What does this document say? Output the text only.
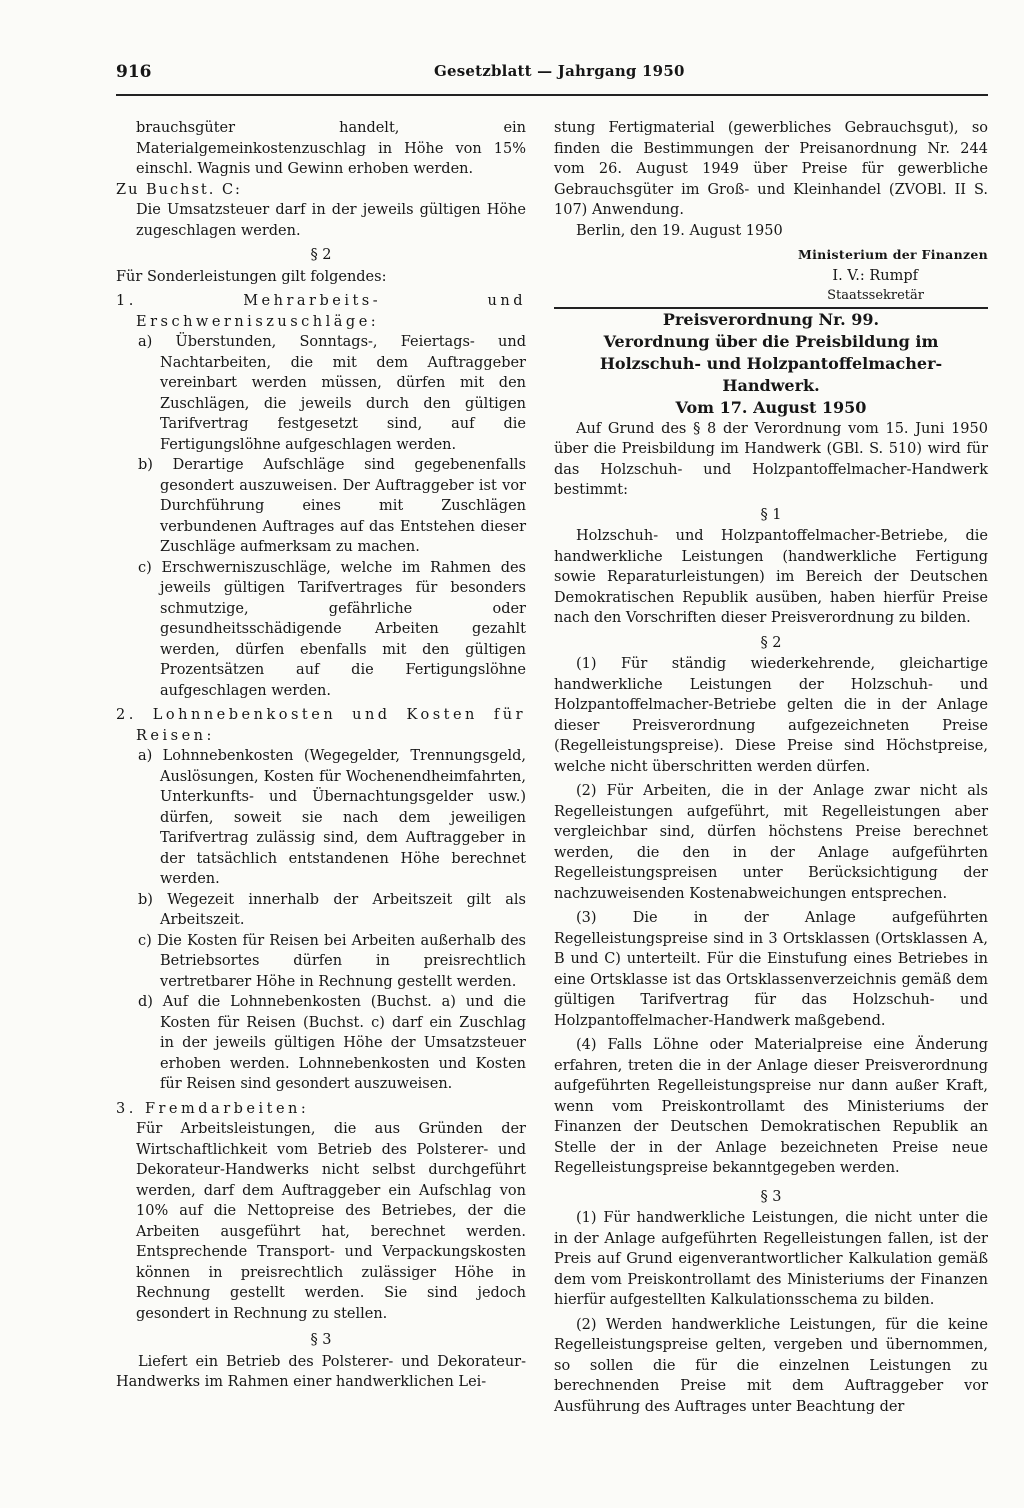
916	Gesetzblatt — Jahrgang 1950

brauchsgüter handelt, ein Materialgemeinkostenzuschlag in Höhe von 15% einschl. Wagnis und Gewinn erhoben werden.

Zu Buchst. C:

Die Umsatzsteuer darf in der jeweils gültigen Höhe zugeschlagen werden.

§ 2

Für Sonderleistungen gilt folgendes:

1. Mehrarbeits- und Erschwerniszuschläge:

a) Überstunden, Sonntags-, Feiertags- und Nachtarbeiten, die mit dem Auftraggeber vereinbart werden müssen, dürfen mit den Zuschlägen, die jeweils durch den gültigen Tarifvertrag festgesetzt sind, auf die Fertigungslöhne aufgeschlagen werden.

b) Derartige Aufschläge sind gegebenenfalls gesondert auszuweisen. Der Auftraggeber ist vor Durchführung eines mit Zuschlägen verbundenen Auftrages auf das Entstehen dieser Zuschläge aufmerksam zu machen.

c) Erschwerniszuschläge, welche im Rahmen des jeweils gültigen Tarifvertrages für besonders schmutzige, gefährliche oder gesundheitsschädigende Arbeiten gezahlt werden, dürfen ebenfalls mit den gültigen Prozentsätzen auf die Fertigungslöhne aufgeschlagen werden.

2. Lohnnebenkosten und Kosten für Reisen:

a) Lohnnebenkosten (Wegegelder, Trennungsgeld, Auslösungen, Kosten für Wochenendheimfahrten, Unterkunfts- und Übernachtungsgelder usw.) dürfen, soweit sie nach dem jeweiligen Tarifvertrag zulässig sind, dem Auftraggeber in der tatsächlich entstandenen Höhe berechnet werden.

b) Wegezeit innerhalb der Arbeitszeit gilt als Arbeitszeit.

c) Die Kosten für Reisen bei Arbeiten außerhalb des Betriebsortes dürfen in preisrechtlich vertretbarer Höhe in Rechnung gestellt werden.

d) Auf die Lohnnebenkosten (Buchst. a) und die Kosten für Reisen (Buchst. c) darf ein Zuschlag in der jeweils gültigen Höhe der Umsatzsteuer erhoben werden. Lohnnebenkosten und Kosten für Reisen sind gesondert auszuweisen.

3. Fremdarbeiten:

Für Arbeitsleistungen, die aus Gründen der Wirtschaftlichkeit vom Betrieb des Polsterer- und Dekorateur-Handwerks nicht selbst durchgeführt werden, darf dem Auftraggeber ein Aufschlag von 10% auf die Nettopreise des Betriebes, der die Arbeiten ausgeführt hat, berechnet werden. Entsprechende Transport- und Verpackungskosten können in preisrechtlich zulässiger Höhe in Rechnung gestellt werden. Sie sind jedoch gesondert in Rechnung zu stellen.

§ 3

Liefert ein Betrieb des Polsterer- und Dekorateur-Handwerks im Rahmen einer handwerklichen Lei-

stung Fertigmaterial (gewerbliches Gebrauchsgut), so finden die Bestimmungen der Preisanordnung Nr. 244 vom 26. August 1949 über Preise für gewerbliche Gebrauchsgüter im Groß- und Kleinhandel (ZVOBl. II S. 107) Anwendung.

Berlin, den 19. August 1950

Ministerium der Finanzen

I. V.: Rumpf

Staatssekretär

Preisverordnung Nr. 99.

Verordnung über die Preisbildung im Holzschuh- und Holzpantoffelmacher-Handwerk.

Vom 17. August 1950

Auf Grund des § 8 der Verordnung vom 15. Juni 1950 über die Preisbildung im Handwerk (GBl. S. 510) wird für das Holzschuh- und Holzpantoffelmacher-Handwerk bestimmt:

§ 1

Holzschuh- und Holzpantoffelmacher-Betriebe, die handwerkliche Leistungen (handwerkliche Fertigung sowie Reparaturleistungen) im Bereich der Deutschen Demokratischen Republik ausüben, haben hierfür Preise nach den Vorschriften dieser Preisverordnung zu bilden.

§ 2

(1) Für ständig wiederkehrende, gleichartige handwerkliche Leistungen der Holzschuh- und Holzpantoffelmacher-Betriebe gelten die in der Anlage dieser Preisverordnung aufgezeichneten Preise (Regelleistungspreise). Diese Preise sind Höchstpreise, welche nicht überschritten werden dürfen.

(2) Für Arbeiten, die in der Anlage zwar nicht als Regelleistungen aufgeführt, mit Regelleistungen aber vergleichbar sind, dürfen höchstens Preise berechnet werden, die den in der Anlage aufgeführten Regelleistungspreisen unter Berücksichtigung der nachzuweisenden Kostenabweichungen entsprechen.

(3) Die in der Anlage aufgeführten Regelleistungspreise sind in 3 Ortsklassen (Ortsklassen A, B und C) unterteilt. Für die Einstufung eines Betriebes in eine Ortsklasse ist das Ortsklassenverzeichnis gemäß dem gültigen Tarifvertrag für das Holzschuh- und Holzpantoffelmacher-Handwerk maßgebend.

(4) Falls Löhne oder Materialpreise eine Änderung erfahren, treten die in der Anlage dieser Preisverordnung aufgeführten Regelleistungspreise nur dann außer Kraft, wenn vom Preiskontrollamt des Ministeriums der Finanzen der Deutschen Demokratischen Republik an Stelle der in der Anlage bezeichneten Preise neue Regelleistungspreise bekanntgegeben werden.

§ 3

(1) Für handwerkliche Leistungen, die nicht unter die in der Anlage aufgeführten Regelleistungen fallen, ist der Preis auf Grund eigenverantwortlicher Kalkulation gemäß dem vom Preiskontrollamt des Ministeriums der Finanzen hierfür aufgestellten Kalkulationsschema zu bilden.

(2) Werden handwerkliche Leistungen, für die keine Regelleistungspreise gelten, vergeben und übernommen, so sollen die für die einzelnen Leistungen zu berechnenden Preise mit dem Auftraggeber vor Ausführung des Auftrages unter Beachtung der
